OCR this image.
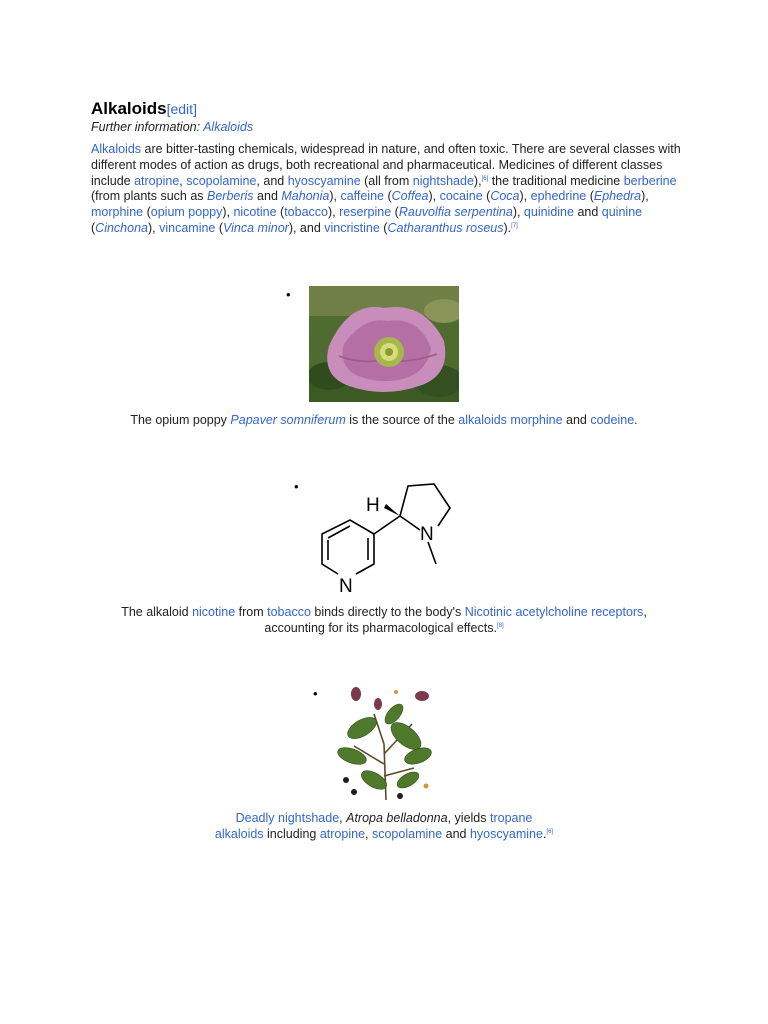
Alkaloids[edit]
Further information: Alkaloids

Alkaloids are bitter-tasting chemicals, widespread in nature, and often toxic. There are several classes with different modes of action as drugs, both recreational and pharmaceutical. Medicines of different classes include atropine, scopolamine, and hyoscyamine (all from nightshade),[6] the traditional medicine berberine (from plants such as Berberis and Mahonia), caffeine (Coffea), cocaine (Coca), ephedrine (Ephedra), morphine (opium poppy), nicotine (tobacco), reserpine (Rauvolfia serpentina), quinidine and quinine (Cinchona), vincamine (Vinca minor), and vincristine (Catharanthus roseus).[7]

•
The opium poppy Papaver somniferum is the source of the alkaloids morphine and codeine.
•
H
N
N
The alkaloid nicotine from tobacco binds directly to the body's Nicotinic acetylcholine receptors,
accounting for its pharmacological effects.[8]
•
Deadly nightshade, Atropa belladonna, yields tropane
alkaloids including atropine, scopolamine and hyoscyamine.[6]
